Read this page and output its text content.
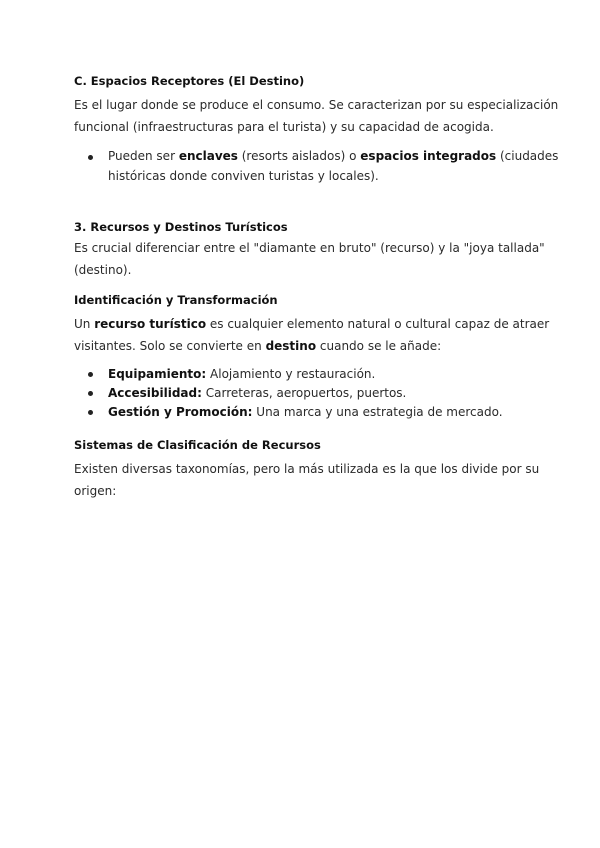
C. Espacios Receptores (El Destino)

Es el lugar donde se produce el consumo. Se caracterizan por su especialización
funcional (infraestructuras para el turista) y su capacidad de acogida.

Pueden ser enclaves (resorts aislados) o espacios integrados (ciudades
históricas donde conviven turistas y locales).
3. Recursos y Destinos Turísticos

Es crucial diferenciar entre el "diamante en bruto" (recurso) y la "joya tallada"
(destino).

Identificación y Transformación

Un recurso turístico es cualquier elemento natural o cultural capaz de atraer
visitantes. Solo se convierte en destino cuando se le añade:

Equipamiento: Alojamiento y restauración.
Accesibilidad: Carreteras, aeropuertos, puertos.
Gestión y Promoción: Una marca y una estrategia de mercado.
Sistemas de Clasificación de Recursos

Existen diversas taxonomías, pero la más utilizada es la que los divide por su
origen:
